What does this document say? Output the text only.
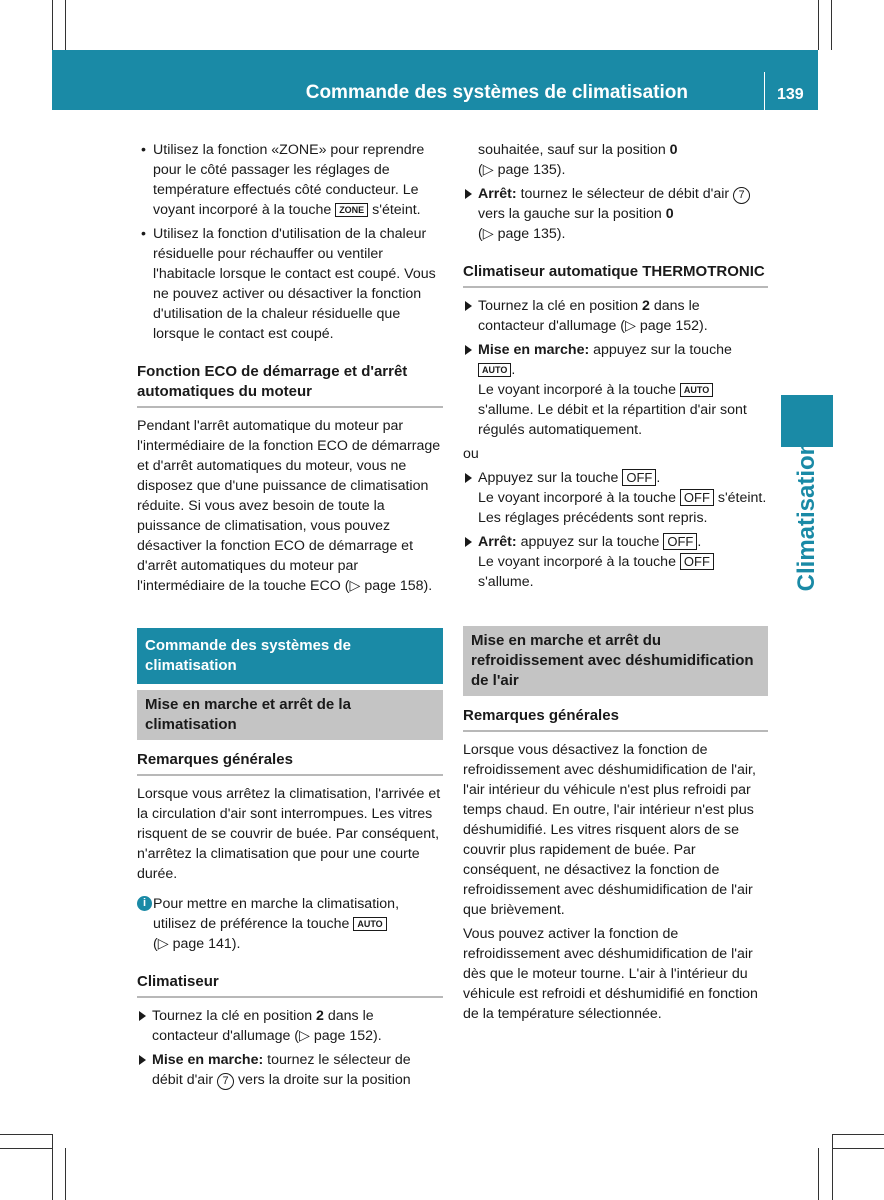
Commande des systèmes de climatisation	139
Climatisation

• Utilisez la fonction «ZONE» pour reprendre pour le côté passager les réglages de température effectués côté conducteur. Le voyant incorporé à la touche ZONE s'éteint.

• Utilisez la fonction d'utilisation de la chaleur résiduelle pour réchauffer ou ventiler l'habitacle lorsque le contact est coupé. Vous ne pouvez activer ou désactiver la fonction d'utilisation de la chaleur résiduelle que lorsque le contact est coupé.

Fonction ECO de démarrage et d'arrêt automatiques du moteur

Pendant l'arrêt automatique du moteur par l'intermédiaire de la fonction ECO de démarrage et d'arrêt automatiques du moteur, vous ne disposez que d'une puissance de climatisation réduite. Si vous avez besoin de toute la puissance de climatisation, vous pouvez désactiver la fonction ECO de démarrage et d'arrêt automatiques du moteur par l'intermédiaire de la touche ECO (▷ page 158).

Commande des systèmes de climatisation
Mise en marche et arrêt de la climatisation
Remarques générales

Lorsque vous arrêtez la climatisation, l'arrivée et la circulation d'air sont interrompues. Les vitres risquent de se couvrir de buée. Par conséquent, n'arrêtez la climatisation que pour une courte durée.

i Pour mettre en marche la climatisation, utilisez de préférence la touche AUTO
(▷ page 141).

Climatiseur

Tournez la clé en position 2 dans le contacteur d'allumage (▷ page 152).

Mise en marche: tournez le sélecteur de débit d'air 7 vers la droite sur la position

souhaitée, sauf sur la position 0
(▷ page 135).

Arrêt: tournez le sélecteur de débit d'air 7 vers la gauche sur la position 0
(▷ page 135).

Climatiseur automatique THERMOTRONIC

Tournez la clé en position 2 dans le contacteur d'allumage (▷ page 152).

Mise en marche: appuyez sur la touche AUTO .
Le voyant incorporé à la touche AUTO s'allume. Le débit et la répartition d'air sont régulés automatiquement.

ou

Appuyez sur la touche OFF .
Le voyant incorporé à la touche OFF s'éteint. Les réglages précédents sont repris.

Arrêt: appuyez sur la touche OFF .
Le voyant incorporé à la touche OFF s'allume.

Mise en marche et arrêt du refroidissement avec déshumidification de l'air
Remarques générales

Lorsque vous désactivez la fonction de refroidissement avec déshumidification de l'air, l'air intérieur du véhicule n'est plus refroidi par temps chaud. En outre, l'air intérieur n'est plus déshumidifié. Les vitres risquent alors de se couvrir plus rapidement de buée. Par conséquent, ne désactivez la fonction de refroidissement avec déshumidification de l'air que brièvement.

Vous pouvez activer la fonction de refroidissement avec déshumidification de l'air dès que le moteur tourne. L'air à l'intérieur du véhicule est refroidi et déshumidifié en fonction de la température sélectionnée.
